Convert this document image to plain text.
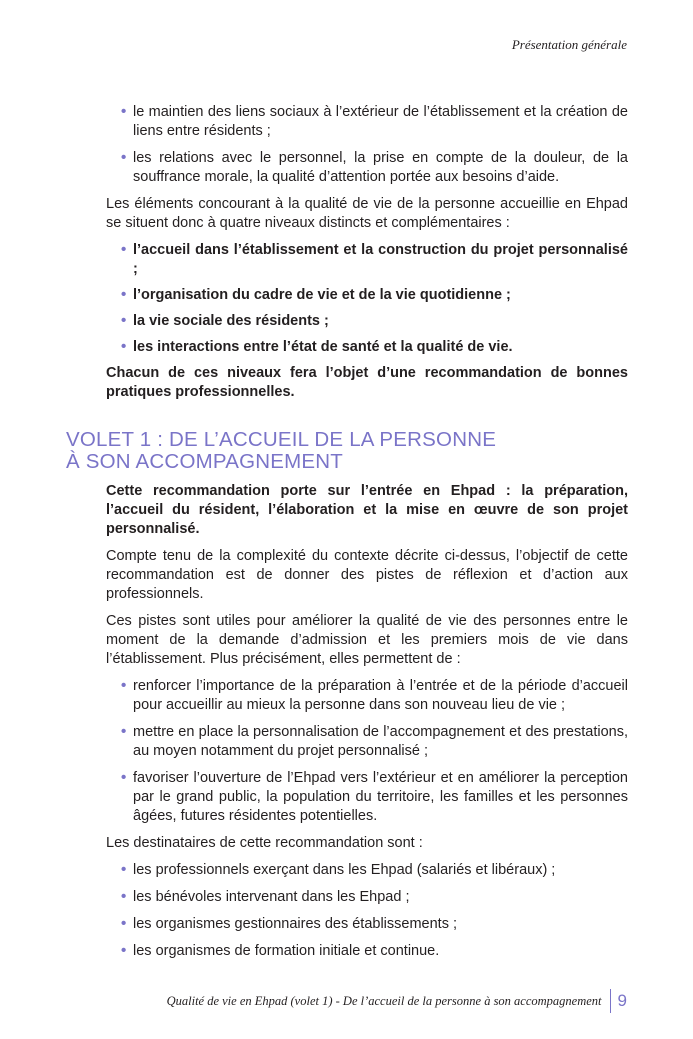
Présentation générale
• le maintien des liens sociaux à l’extérieur de l’établissement et la création de liens entre résidents ;
• les relations avec le personnel, la prise en compte de la douleur, de la souffrance morale, la qualité d’attention portée aux besoins d’aide.

Les éléments concourant à la qualité de vie de la personne accueillie en Ehpad se situent donc à quatre niveaux distincts et complémentaires :

• l’accueil dans l’établissement et la construction du projet personnalisé ;
• l’organisation du cadre de vie et de la vie quotidienne ;
• la vie sociale des résidents ;
• les interactions entre l’état de santé et la qualité de vie.

Chacun de ces niveaux fera l’objet d’une recommandation de bonnes pratiques professionnelles.

VOLET 1 : DE L’ACCUEIL DE LA PERSONNE
À SON ACCOMPAGNEMENT

Cette recommandation porte sur l’entrée en Ehpad : la préparation, l’accueil du résident, l’élaboration et la mise en œuvre de son projet personnalisé.

Compte tenu de la complexité du contexte décrite ci-dessus, l’objectif de cette recommandation est de donner des pistes de réflexion et d’action aux professionnels.

Ces pistes sont utiles pour améliorer la qualité de vie des personnes entre le moment de la demande d’admission et les premiers mois de vie dans l’établissement. Plus précisément, elles permettent de :

• renforcer l’importance de la préparation à l’entrée et de la période d’accueil pour accueillir au mieux la personne dans son nouveau lieu de vie ;
• mettre en place la personnalisation de l’accompagnement et des prestations, au moyen notamment du projet personnalisé ;
• favoriser l’ouverture de l’Ehpad vers l’extérieur et en améliorer la perception par le grand public, la population du territoire, les familles et les personnes âgées, futures résidentes potentielles.

Les destinataires de cette recommandation sont :

• les professionnels exerçant dans les Ehpad (salariés et libéraux) ;
• les bénévoles intervenant dans les Ehpad ;
• les organismes gestionnaires des établissements ;
• les organismes de formation initiale et continue.
Qualité de vie en Ehpad (volet 1) - De l’accueil de la personne à son accompagnement 9
